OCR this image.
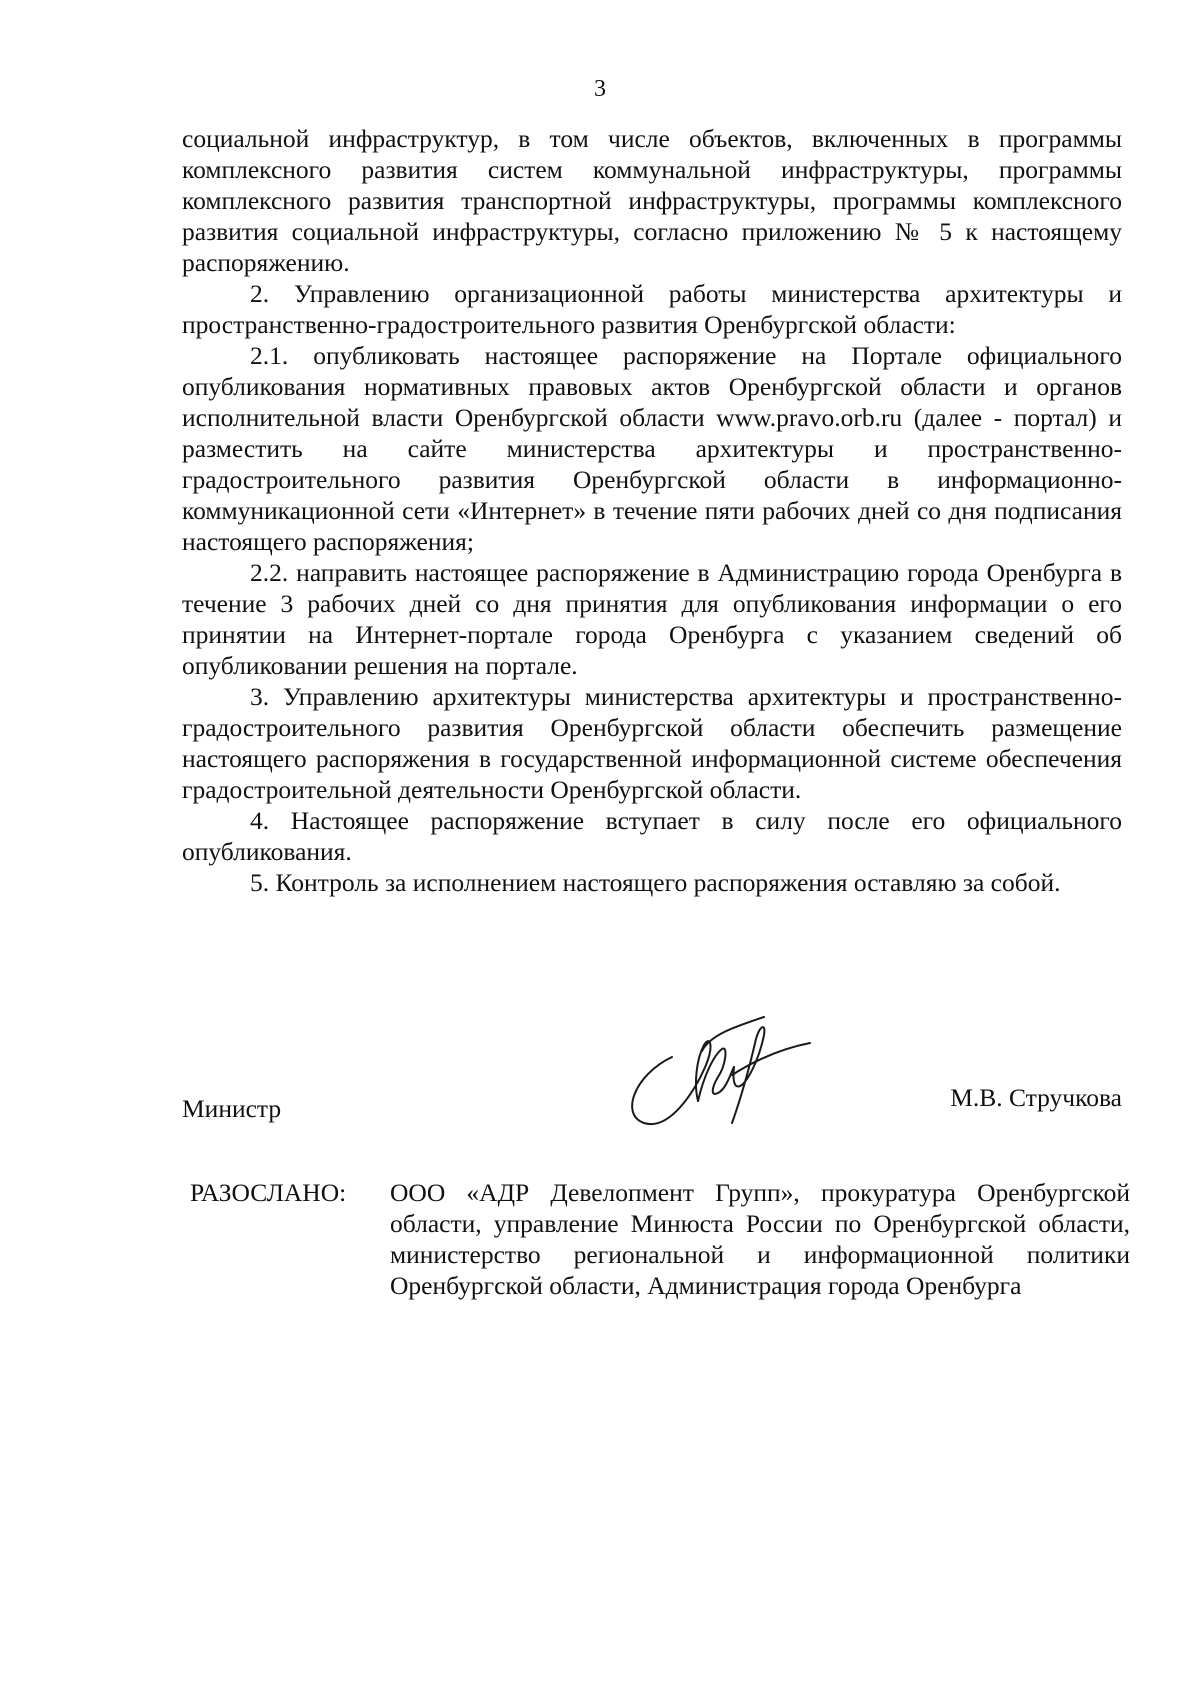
3

социальной инфраструктур, в том числе объектов, включенных в программы комплексного развития систем коммунальной инфраструктуры, программы комплексного развития транспортной инфраструктуры, программы комплексного развития социальной инфраструктуры, согласно приложению № 5 к настоящему распоряжению.

2. Управлению организационной работы министерства архитектуры и пространственно-градостроительного развития Оренбургской области:

2.1. опубликовать настоящее распоряжение на Портале официального опубликования нормативных правовых актов Оренбургской области и органов исполнительной власти Оренбургской области www.pravo.orb.ru (далее - портал) и разместить на сайте министерства архитектуры и пространственно-градостроительного развития Оренбургской области в информационно-коммуникационной сети «Интернет» в течение пяти рабочих дней со дня подписания настоящего распоряжения;

2.2. направить настоящее распоряжение в Администрацию города Оренбурга в течение 3 рабочих дней со дня принятия для опубликования информации о его принятии на Интернет-портале города Оренбурга с указанием сведений об опубликовании решения на портале.

3. Управлению архитектуры министерства архитектуры и пространственно-градостроительного развития Оренбургской области обеспечить размещение настоящего распоряжения в государственной информационной системе обеспечения градостроительной деятельности Оренбургской области.

4. Настоящее распоряжение вступает в силу после его официального опубликования.

5. Контроль за исполнением настоящего распоряжения оставляю за собой.

Министр	М.В. Стручкова
РАЗОСЛАНО: ООО «АДР Девелопмент Групп», прокуратура Оренбургской области, управление Минюста России по Оренбургской области, министерство региональной и информационной политики Оренбургской области, Администрация города Оренбурга
